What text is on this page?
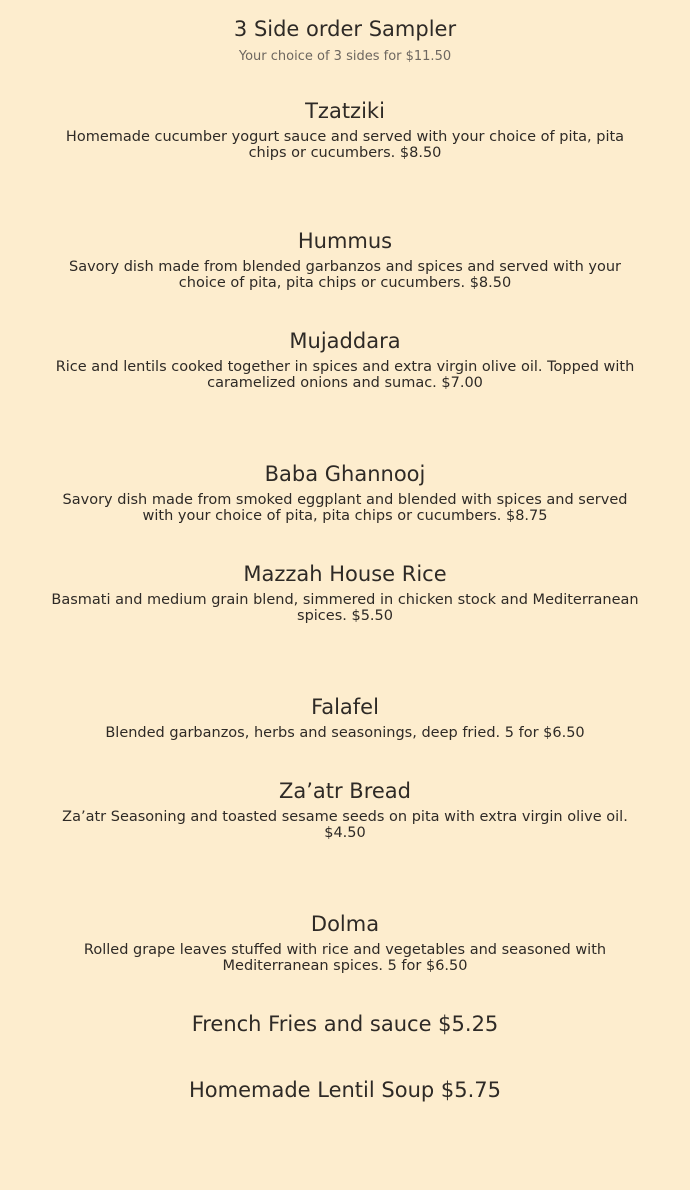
3 Side order Sampler
Your choice of 3 sides for $11.50
Tzatziki

Homemade cucumber yogurt sauce and served with your choice of pita, pita chips or cucumbers. $8.50

Hummus

Savory dish made from blended garbanzos and spices and served with your choice of pita, pita chips or cucumbers. $8.50

Mujaddara

Rice and lentils cooked together in spices and extra virgin olive oil. Topped with caramelized onions and sumac. $7.00

Baba Ghannooj

Savory dish made from smoked eggplant and blended with spices and served with your choice of pita, pita chips or cucumbers. $8.75

Mazzah House Rice

Basmati and medium grain blend, simmered in chicken stock and Mediterranean spices. $5.50

Falafel

Blended garbanzos, herbs and seasonings, deep fried. 5 for $6.50

Za’atr Bread

Za’atr Seasoning and toasted sesame seeds on pita with extra virgin olive oil. $4.50

Dolma

Rolled grape leaves stuffed with rice and vegetables and seasoned with Mediterranean spices. 5 for $6.50

French Fries and sauce $5.25
Homemade Lentil Soup $5.75
